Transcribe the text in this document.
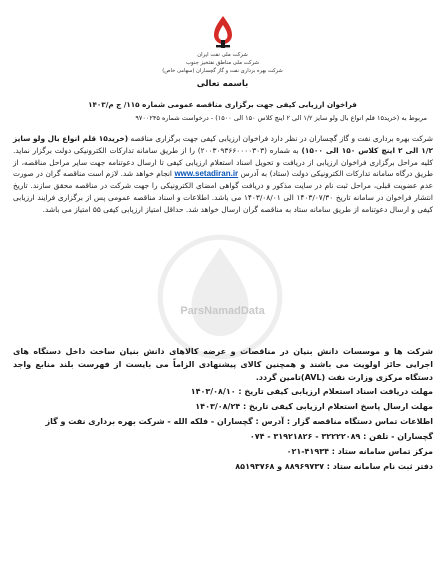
شرکت ملی نفت ایران
شرکت ملی مناطق نفتخیز جنوب
شرکت بهره برداری نفت و گاز گچساران (سهامی خاص)
باسمه تعالی
فراخوان ارزیابی کیفی جهت برگزاری مناقصه عمومی شماره ۱۱۵/ ج م/۱۴۰۳
مربوط به (خرید۱۵ قلم انواع بال ولو سایز ۱/۲ الی ۲ اینچ کلاس ۱۵۰ الی ۱۵۰۰) - درخواست شماره ۹۷۰۰۲۴۵
ParsNamadData
شرکت بهره برداری نفت و گاز گچساران در نظر دارد فراخوان ارزیابی کیفی جهت برگزاری مناقصه (خرید۱۵ قلم انواع بال ولو سایز ۱/۲ الی ۲ اینچ کلاس ۱۵۰ الی ۱۵۰۰) به شماره (۲۰۰۳۰۹۳۶۶۰۰۰۰۳۰۳) را از طریق سامانه تدارکات الکترونیکی دولت برگزار نماید. کلیه مراحل برگزاری فراخوان ارزیابی از دریافت و تحویل اسناد استعلام ارزیابی کیفی تا ارسال دعوتنامه جهت سایر مراحل مناقصه، از طریق درگاه سامانه تدارکات الکترونیکی دولت (ستاد) به آدرس www.setadiran.ir انجام خواهد شد. لازم است مناقصه گران در صورت عدم عضویت قبلی، مراحل ثبت نام در سایت مذکور و دریافت گواهی امضای الکترونیکی را جهت شرکت در مناقصه محقق سازند. تاریخ انتشار فراخوان در سامانه تاریخ ۱۴۰۳/۰۷/۳۰ الی ۱۴۰۳/۰۸/۰۱ می باشد. اطلاعات و اسناد مناقصه عمومی پس از برگزاری فرایند ارزیابی کیفی و ارسال دعوتنامه از طریق سامانه ستاد به مناقصه گران ارسال خواهد شد. حداقل امتیاز ارزیابی کیفی ۵۵ امتیاز می باشد.
شرکت ها و موسسات دانش بنیان در مناقصات و عرضه کالاهای دانش بنیان ساخت داخل دستگاه های اجرایی حائز اولویت می باشند و همچنین کالای پیشنهادی الزاماً می بایست از فهرست بلند منابع واجد دستگاه مرکزی وزارت نفت (AVL)تامین گردد.
مهلت دریافت اسناد استعلام ارزیابی کیفی تاریخ : ۱۴۰۳/۰۸/۱۰
مهلت ارسال پاسخ استعلام ارزیابی کیفی تاریخ : ۱۴۰۳/۰۸/۲۴
اطلاعات تماس دستگاه مناقصه گزار : آدرس : گچساران - فلکه الله - شرکت بهره برداری نفت و گاز
گچساران - تلفن : ۳۲۲۲۲۰۸۹ - ۳۱۹۲۱۸۲۶ - ۰۷۴
مرکز تماس سامانه ستاد : ۴۱۹۳۴-۰۲۱
دفتر ثبت نام سامانه ستاد : ۸۸۹۶۹۷۳۷ و ۸۵۱۹۳۷۶۸
